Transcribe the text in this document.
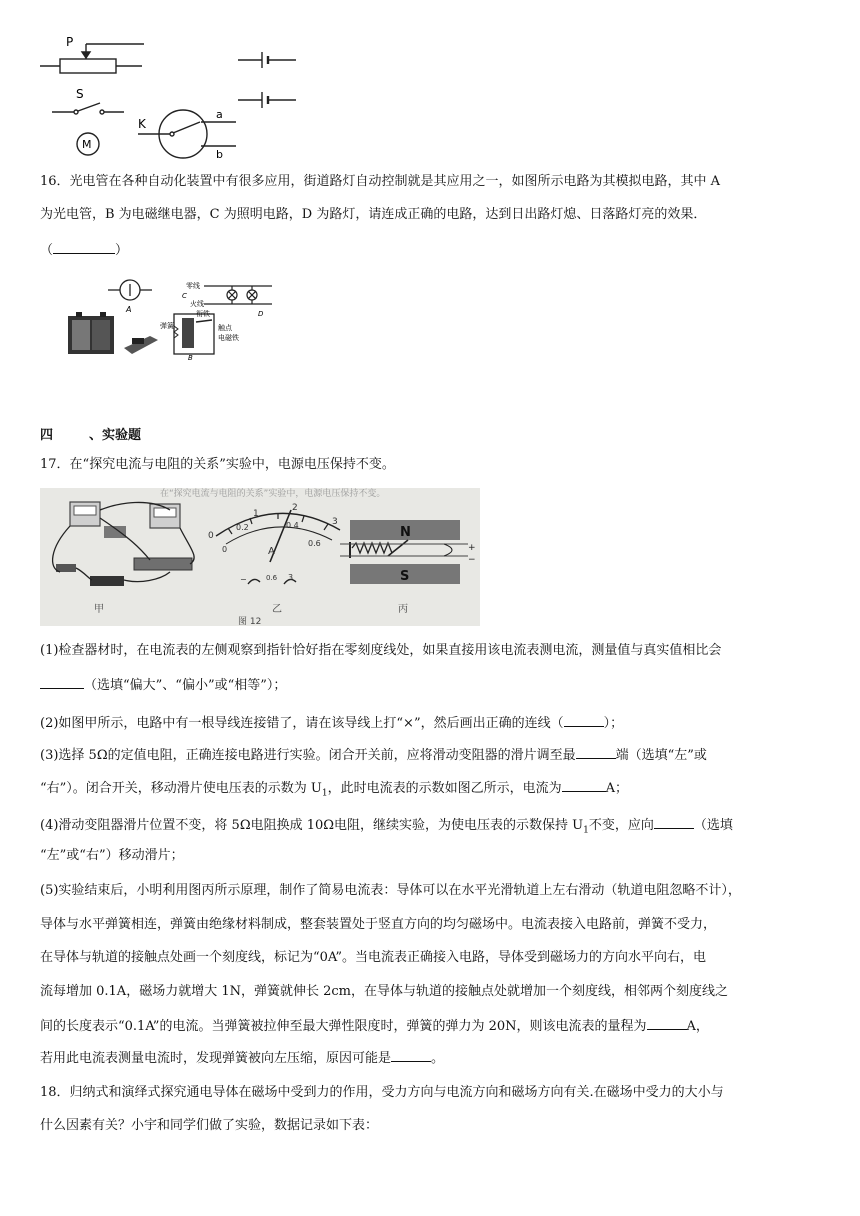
P
S
M
K
a
b
16．光电管在各种自动化装置中有很多应用，街道路灯自动控制就是其应用之一，如图所示电路为其模拟电路，其中 A
为光电管，B 为电磁继电器，C 为照明电路，D 为路灯，请连成正确的电路，达到日出路灯熄、日落路灯亮的效果．
（	）
A
B
弹簧
零线
C
火线
衔铁	D
触点
电磁铁
四	、实验题
17．在“探究电流与电阻的关系”实验中，电源电压保持不变。
在“探究电流与电阻的关系”实验中，电源电压保持不变。
甲
0
0
0.2
1
2
0.4
0.6
3
A
−	0.6 3
乙
图 12
N
S
+
−
丙
(1)检查器材时，在电流表的左侧观察到指针恰好指在零刻度线处，如果直接用该电流表测电流，测量值与真实值相比会
（选填“偏大”、“偏小”或“相等”）；
(2)如图甲所示，电路中有一根导线连接错了，请在该导线上打“×”，然后画出正确的连线（	）；
(3)选择 5Ω的定值电阻，正确连接电路进行实验。闭合开关前，应将滑动变阻器的滑片调至最	端（选填“左”或
“右”）。闭合开关，移动滑片使电压表的示数为 $U_1$，此时电流表的示数如图乙所示，电流为	A；
(4)滑动变阻器滑片位置不变，将 5Ω电阻换成 10Ω电阻，继续实验，为使电压表的示数保持 $U_1$不变，应向	（选填
“左”或“右”）移动滑片；
(5)实验结束后，小明利用图丙所示原理，制作了简易电流表：导体可以在水平光滑轨道上左右滑动（轨道电阻忽略不计），
导体与水平弹簧相连，弹簧由绝缘材料制成，整套装置处于竖直方向的均匀磁场中。电流表接入电路前，弹簧不受力，
在导体与轨道的接触点处画一个刻度线，标记为“0A”。当电流表正确接入电路，导体受到磁场力的方向水平向右，电
流每增加 0.1A，磁场力就增大 1N，弹簧就伸长 2cm，在导体与轨道的接触点处就增加一个刻度线，相邻两个刻度线之
间的长度表示“0.1A”的电流。当弹簧被拉伸至最大弹性限度时，弹簧的弹力为 20N，则该电流表的量程为	A，
若用此电流表测量电流时，发现弹簧被向左压缩，原因可能是	。
18．归纳式和演绎式探究通电导体在磁场中受到力的作用，受力方向与电流方向和磁场方向有关.在磁场中受力的大小与
什么因素有关？小宇和同学们做了实验，数据记录如下表：
